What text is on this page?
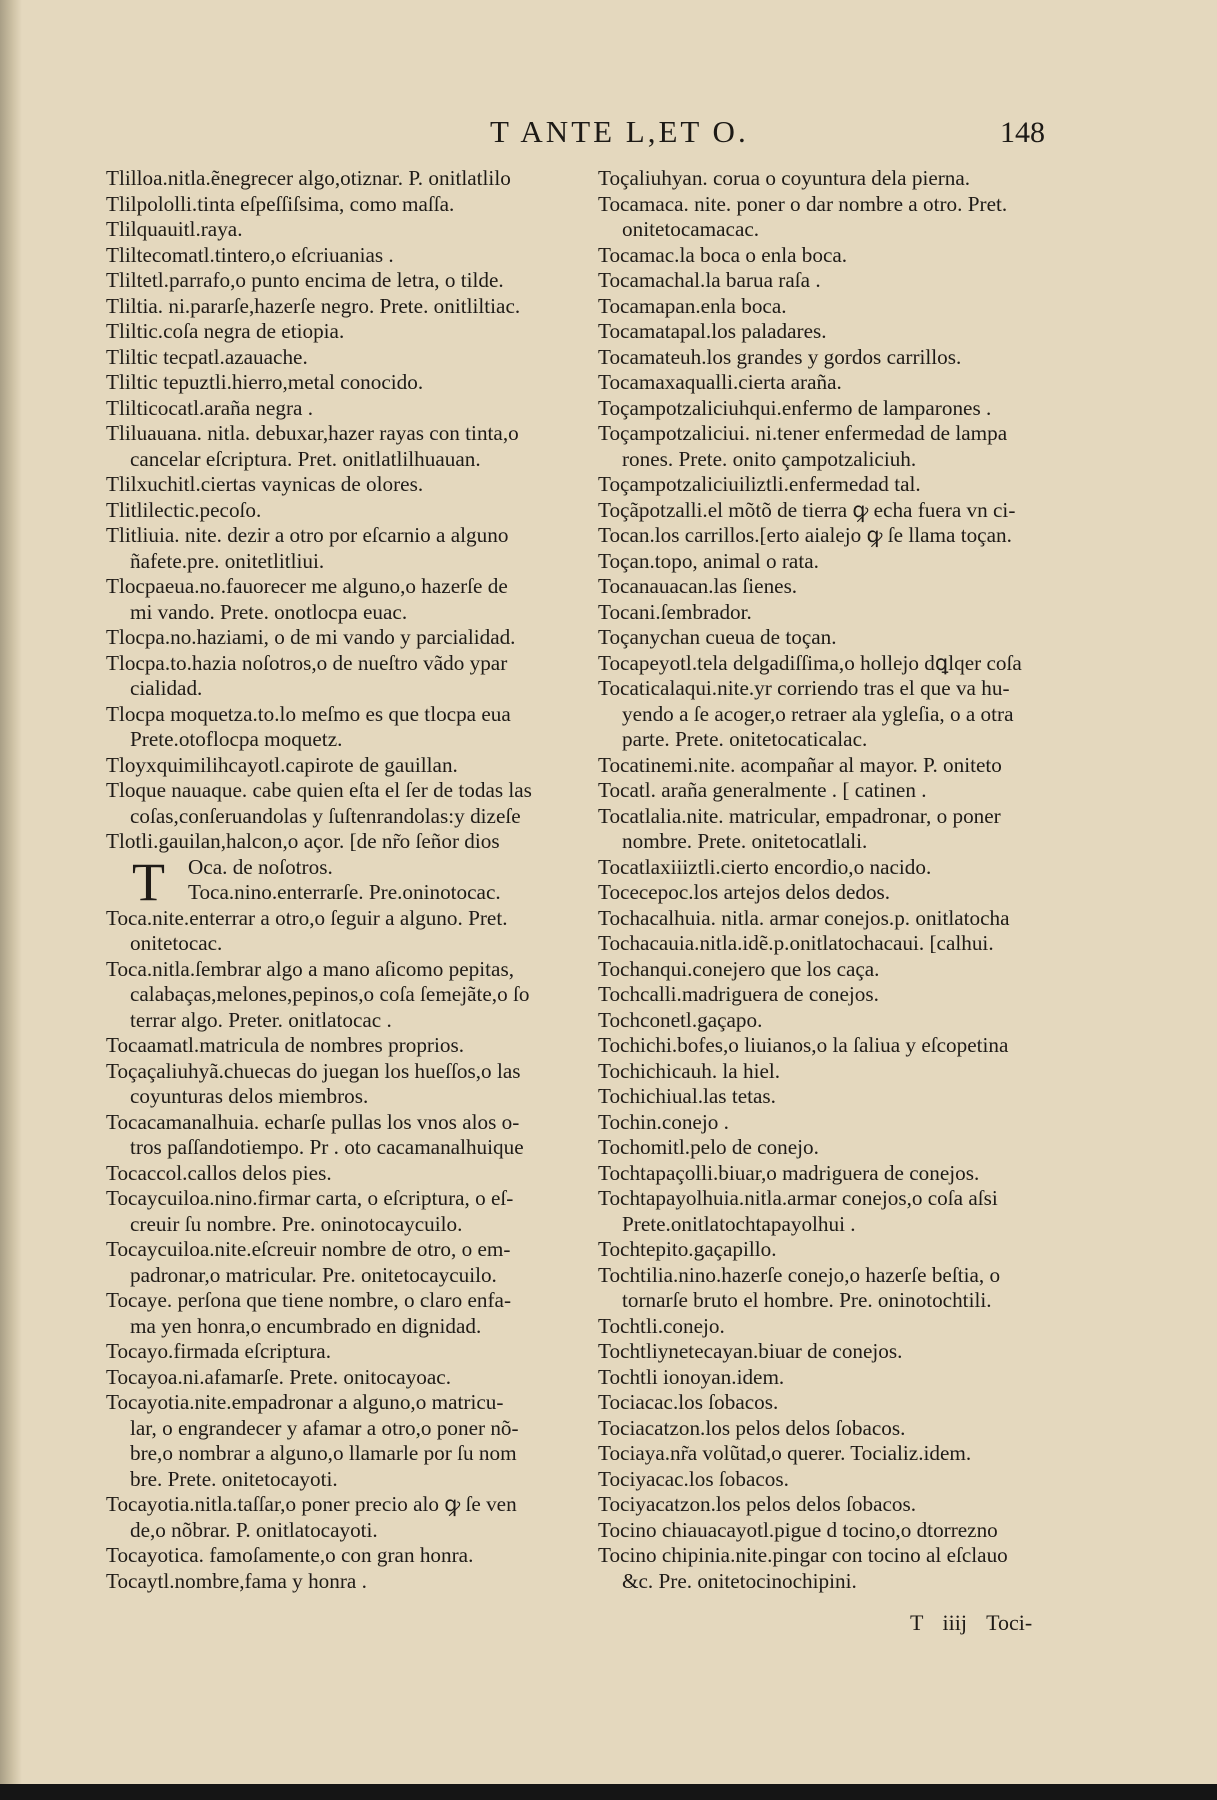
T ANTE L,ET O.	148
Tlilloa.nitla.ẽnegrecer algo,otiznar. P. onitlatlilo
Tlilpololli.tinta eſpeſſiſsima, como maſſa.
Tlilquauitl.raya.
Tliltecomatl.tintero,o eſcriuanias .
Tliltetl.parrafo,o punto encima de letra, o tilde.
Tliltia. ni.pararſe,hazerſe negro. Prete. onitliltiac.
Tliltic.coſa negra de etiopia.
Tliltic tecpatl.azauache.
Tliltic tepuztli.hierro,metal conocido.
Tlilticocatl.araña negra .
Tliluauana. nitla. debuxar,hazer rayas con tinta,o
cancelar eſcriptura. Pret. onitlatlilhuauan.
Tlilxuchitl.ciertas vaynicas de olores.
Tlitlilectic.pecoſo.
Tlitliuia. nite. dezir a otro por eſcarnio a alguno
ñafete.pre. onitetlitliui.
Tlocpaeua.no.fauorecer me alguno,o hazerſe de
mi vando. Prete. onotlocpa euac.
Tlocpa.no.haziami, o de mi vando y parcialidad.
Tlocpa.to.hazia noſotros,o de nueſtro vãdo ypar
cialidad.
Tlocpa moquetza.to.lo meſmo es que tlocpa eua
Prete.otoflocpa moquetz.
Tloyxquimilihcayotl.capirote de gauillan.
Tloque nauaque. cabe quien eſta el ſer de todas las
coſas,conſeruandolas y ſuſtenrandolas:y dizeſe
Tlotli.gauilan,halcon,o açor. [de nr̃o ſeñor dios
Oca. de noſotros.
T	Toca.nino.enterrarſe. Pre.oninotocac.
Toca.nite.enterrar a otro,o ſeguir a alguno. Pret.
onitetocac.
Toca.nitla.ſembrar algo a mano aſicomo pepitas,
calabaças,melones,pepinos,o coſa ſemejãte,o ſo
terrar algo. Preter. onitlatocac .
Tocaamatl.matricula de nombres proprios.
Toçaçaliuhyã.chuecas do juegan los hueſſos,o las
coyunturas delos miembros.
Tocacamanalhuia. echarſe pullas los vnos alos o-
tros paſſandotiempo. Pr . oto cacamanalhuique
Tocaccol.callos delos pies.
Tocaycuiloa.nino.firmar carta, o eſcriptura, o eſ-
creuir ſu nombre. Pre. oninotocaycuilo.
Tocaycuiloa.nite.eſcreuir nombre de otro, o em-
padronar,o matricular. Pre. onitetocaycuilo.
Tocaye. perſona que tiene nombre, o claro enfa-
ma yen honra,o encumbrado en dignidad.
Tocayo.firmada eſcriptura.
Tocayoa.ni.afamarſe. Prete. onitocayoac.
Tocayotia.nite.empadronar a alguno,o matricu-
lar, o engrandecer y afamar a otro,o poner nõ-
bre,o nombrar a alguno,o llamarle por ſu nom
bre. Prete. onitetocayoti.
Tocayotia.nitla.taſſar,o poner precio alo ꝙ ſe ven
de,o nõbrar. P. onitlatocayoti.
Tocayotica. famoſamente,o con gran honra.
Tocaytl.nombre,fama y honra .
Toçaliuhyan. corua o coyuntura dela pierna.
Tocamaca. nite. poner o dar nombre a otro. Pret.
onitetocamacac.
Tocamac.la boca o enla boca.
Tocamachal.la barua raſa .
Tocamapan.enla boca.
Tocamatapal.los paladares.
Tocamateuh.los grandes y gordos carrillos.
Tocamaxaqualli.cierta araña.
Toçampotzaliciuhqui.enfermo de lamparones .
Toçampotzaliciui. ni.tener enfermedad de lampa
rones. Prete. onito çampotzaliciuh.
Toçampotzaliciuiliztli.enfermedad tal.
Toçãpotzalli.el mõtõ de tierra ꝙ echa fuera vn ci-
Tocan.los carrillos.[erto aialejo ꝙ ſe llama toçan.
Toçan.topo, animal o rata.
Tocanauacan.las ſienes.
Tocani.ſembrador.
Toçanychan cueua de toçan.
Tocapeyotl.tela delgadiſſima,o hollejo dꝗlqer coſa
Tocaticalaqui.nite.yr corriendo tras el que va hu-
yendo a ſe acoger,o retraer ala ygleſia, o a otra
parte. Prete. onitetocaticalac.
Tocatinemi.nite. acompañar al mayor. P. oniteto
Tocatl. araña generalmente . [ catinen .
Tocatlalia.nite. matricular, empadronar, o poner
nombre. Prete. onitetocatlali.
Tocatlaxiiiztli.cierto encordio,o nacido.
Tocecepoc.los artejos delos dedos.
Tochacalhuia. nitla. armar conejos.p. onitlatocha
Tochacauia.nitla.idẽ.p.onitlatochacaui. [calhui.
Tochanqui.conejero que los caça.
Tochcalli.madriguera de conejos.
Tochconetl.gaçapo.
Tochichi.bofes,o liuianos,o la ſaliua y eſcopetina
Tochichicauh. la hiel.
Tochichiual.las tetas.
Tochin.conejo .
Tochomitl.pelo de conejo.
Tochtapaçolli.biuar,o madriguera de conejos.
Tochtapayolhuia.nitla.armar conejos,o coſa aſsi
Prete.onitlatochtapayolhui .
Tochtepito.gaçapillo.
Tochtilia.nino.hazerſe conejo,o hazerſe beſtia, o
tornarſe bruto el hombre. Pre. oninotochtili.
Tochtli.conejo.
Tochtliynetecayan.biuar de conejos.
Tochtli ionoyan.idem.
Tociacac.los ſobacos.
Tociacatzon.los pelos delos ſobacos.
Tociaya.nr̃a volũtad,o querer. Tocializ.idem.
Tociyacac.los ſobacos.
Tociyacatzon.los pelos delos ſobacos.
Tocino chiauacayotl.pigue d tocino,o dtorrezno
Tocino chipinia.nite.pingar con tocino al eſclauo
&c. Pre. onitetocinochipini.
T iiij Toci-
